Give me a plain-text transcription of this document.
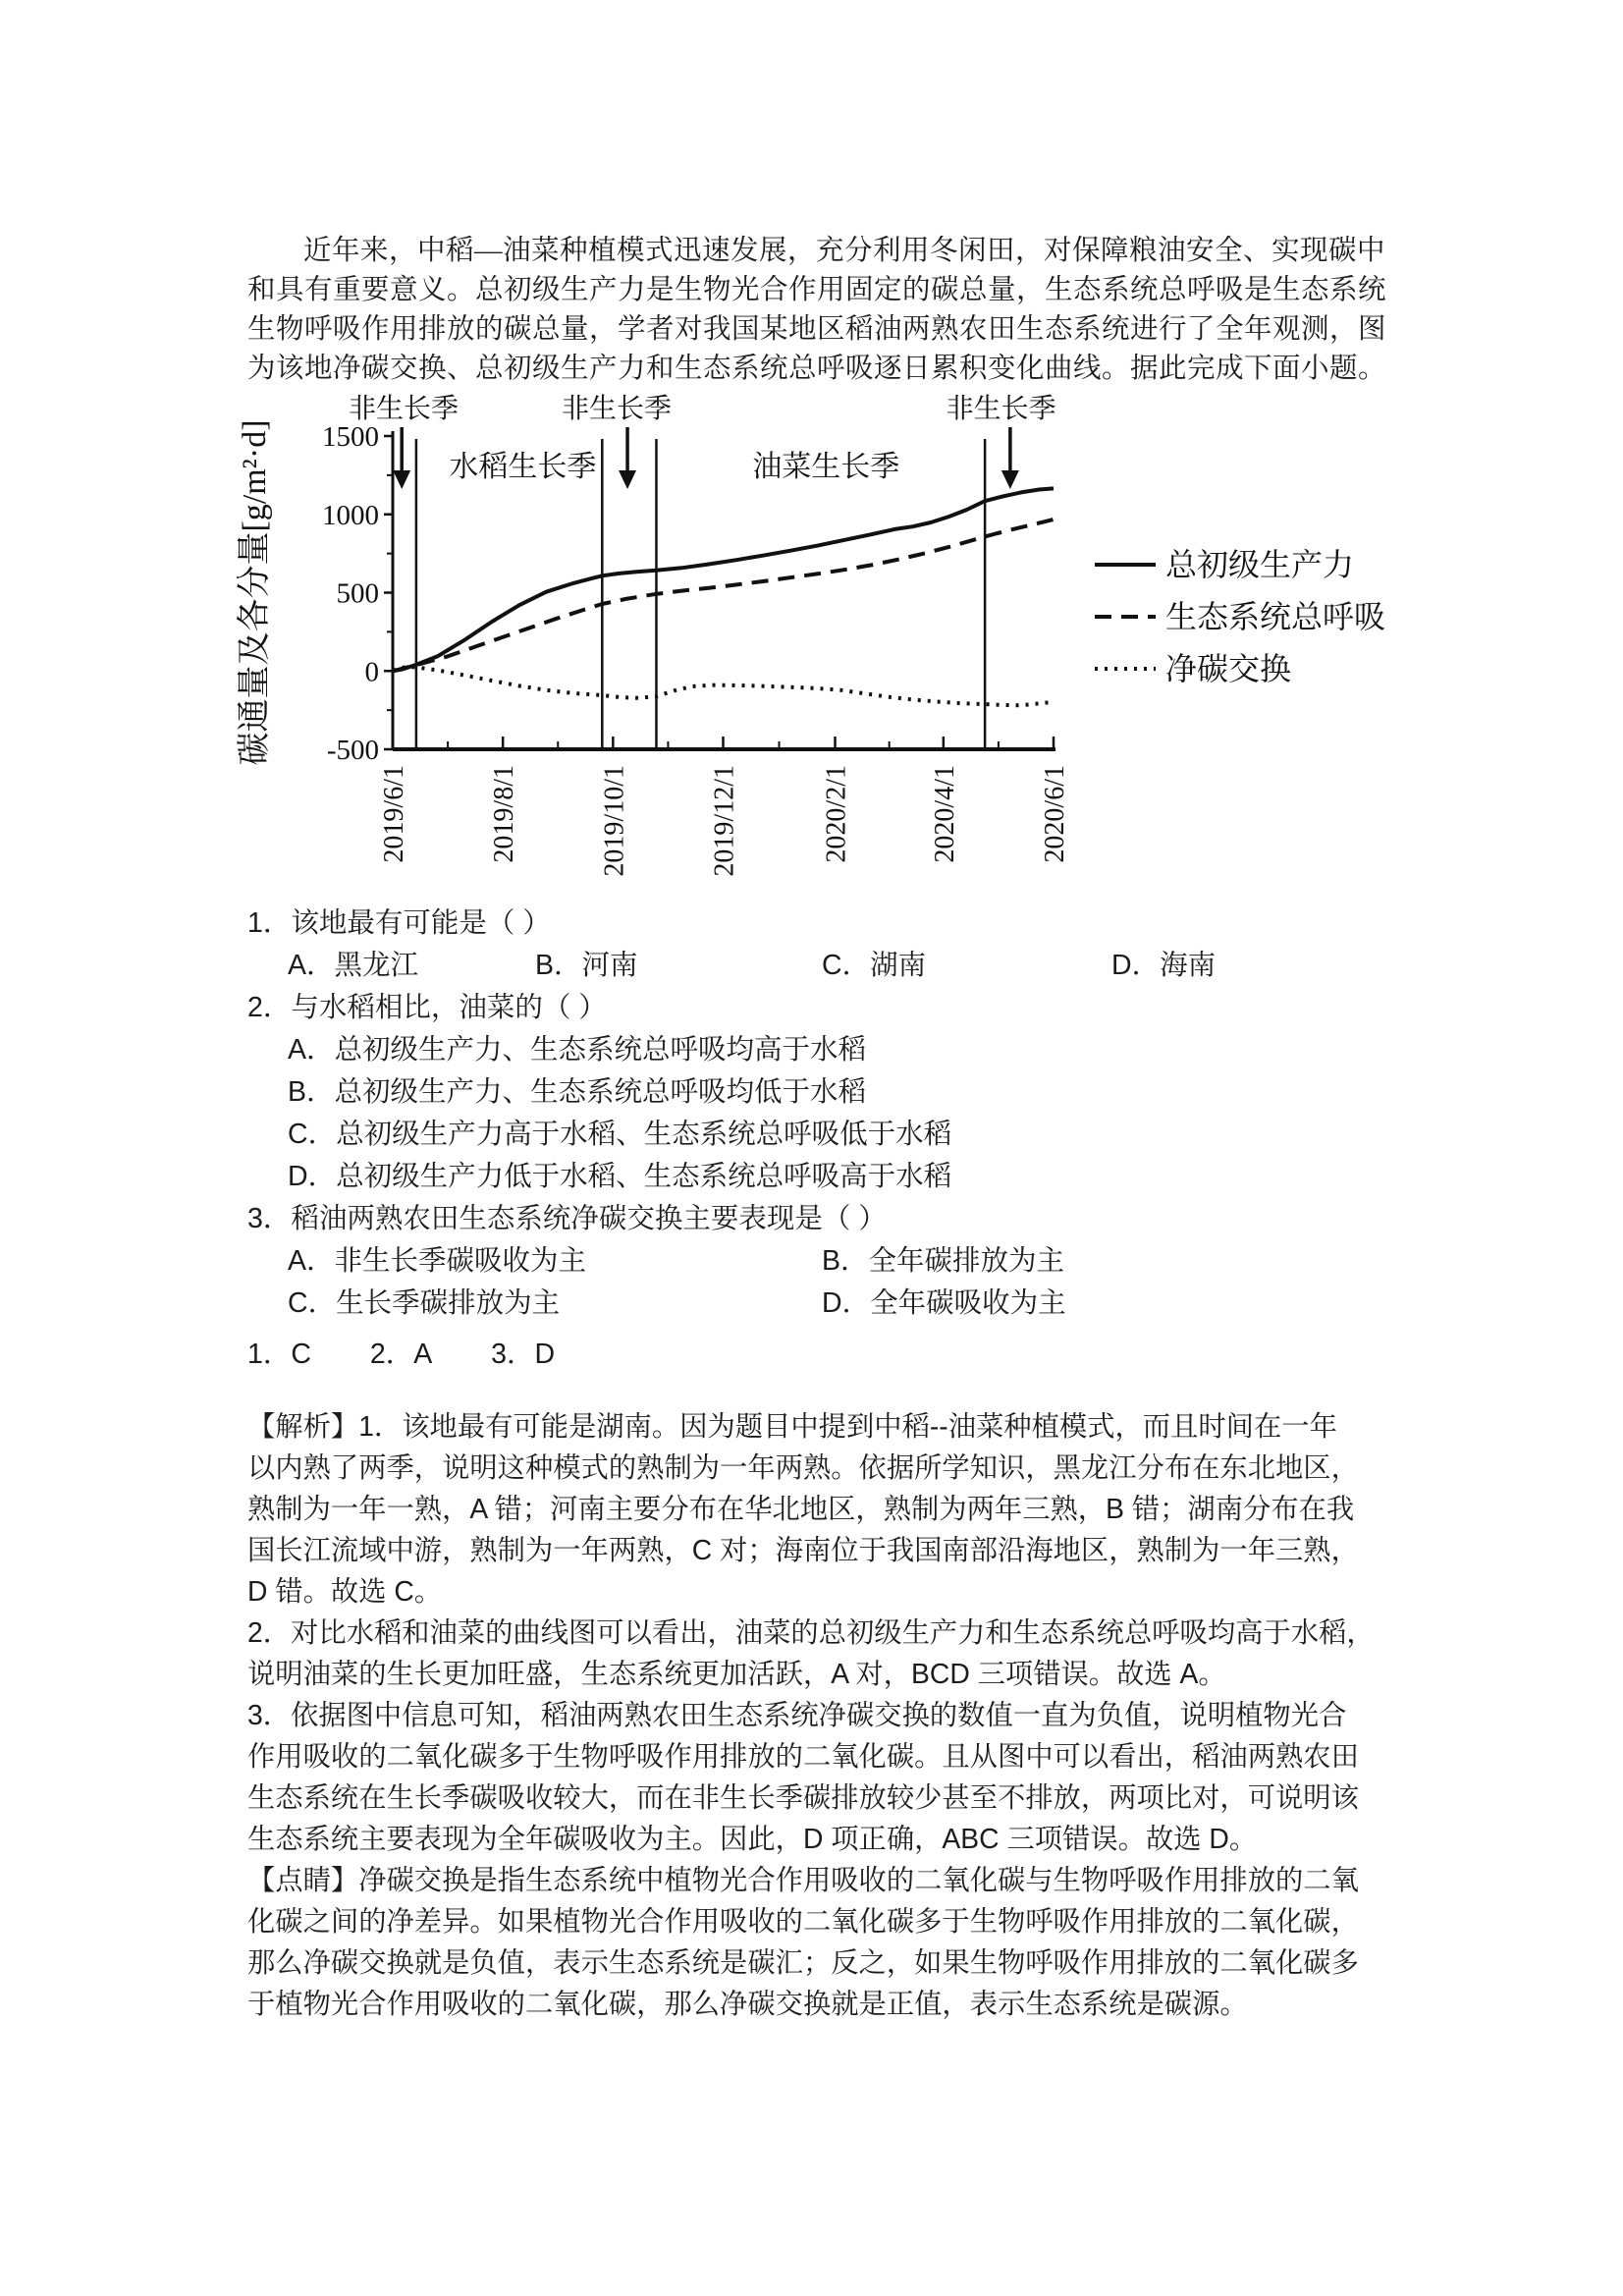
近年来，中稻—油菜种植模式迅速发展，充分利用冬闲田，对保障粮油安全、实现碳中
和具有重要意义。总初级生产力是生物光合作用固定的碳总量，生态系统总呼吸是生态系统
生物呼吸作用排放的碳总量，学者对我国某地区稻油两熟农田生态系统进行了全年观测，图
为该地净碳交换、总初级生产力和生态系统总呼吸逐日累积变化曲线。据此完成下面小题。
1500
1000
500
0
-500
2019/6/1	2019/8/1	2019/10/1	2019/12/1	2020/2/1	2020/4/1	2020/6/1
碳通量及各分量[g/m²·d]
非生长季
水稻生长季
非生长季
油菜生长季
非生长季
总初级生产力
生态系统总呼吸
净碳交换
1．该地最有可能是（ ）
A．黑龙江	B．河南	C．湖南	D．海南
2．与水稻相比，油菜的（ ）
A．总初级生产力、生态系统总呼吸均高于水稻
B．总初级生产力、生态系统总呼吸均低于水稻
C．总初级生产力高于水稻、生态系统总呼吸低于水稻
D．总初级生产力低于水稻、生态系统总呼吸高于水稻
3．稻油两熟农田生态系统净碳交换主要表现是（ ）
A．非生长季碳吸收为主	B．全年碳排放为主
C．生长季碳排放为主	D．全年碳吸收为主
1．C 2．A 3．D
【解析】1．该地最有可能是湖南。因为题目中提到中稻--油菜种植模式，而且时间在一年
以内熟了两季，说明这种模式的熟制为一年两熟。依据所学知识，黑龙江分布在东北地区，
熟制为一年一熟，A 错；河南主要分布在华北地区，熟制为两年三熟，B 错；湖南分布在我
国长江流域中游，熟制为一年两熟，C 对；海南位于我国南部沿海地区，熟制为一年三熟，
D 错。故选 C。
2．对比水稻和油菜的曲线图可以看出，油菜的总初级生产力和生态系统总呼吸均高于水稻，
说明油菜的生长更加旺盛，生态系统更加活跃，A 对，BCD 三项错误。故选 A。
3．依据图中信息可知，稻油两熟农田生态系统净碳交换的数值一直为负值，说明植物光合
作用吸收的二氧化碳多于生物呼吸作用排放的二氧化碳。且从图中可以看出，稻油两熟农田
生态系统在生长季碳吸收较大，而在非生长季碳排放较少甚至不排放，两项比对，可说明该
生态系统主要表现为全年碳吸收为主。因此，D 项正确，ABC 三项错误。故选 D。
【点睛】净碳交换是指生态系统中植物光合作用吸收的二氧化碳与生物呼吸作用排放的二氧
化碳之间的净差异。如果植物光合作用吸收的二氧化碳多于生物呼吸作用排放的二氧化碳，
那么净碳交换就是负值，表示生态系统是碳汇；反之，如果生物呼吸作用排放的二氧化碳多
于植物光合作用吸收的二氧化碳，那么净碳交换就是正值，表示生态系统是碳源。
